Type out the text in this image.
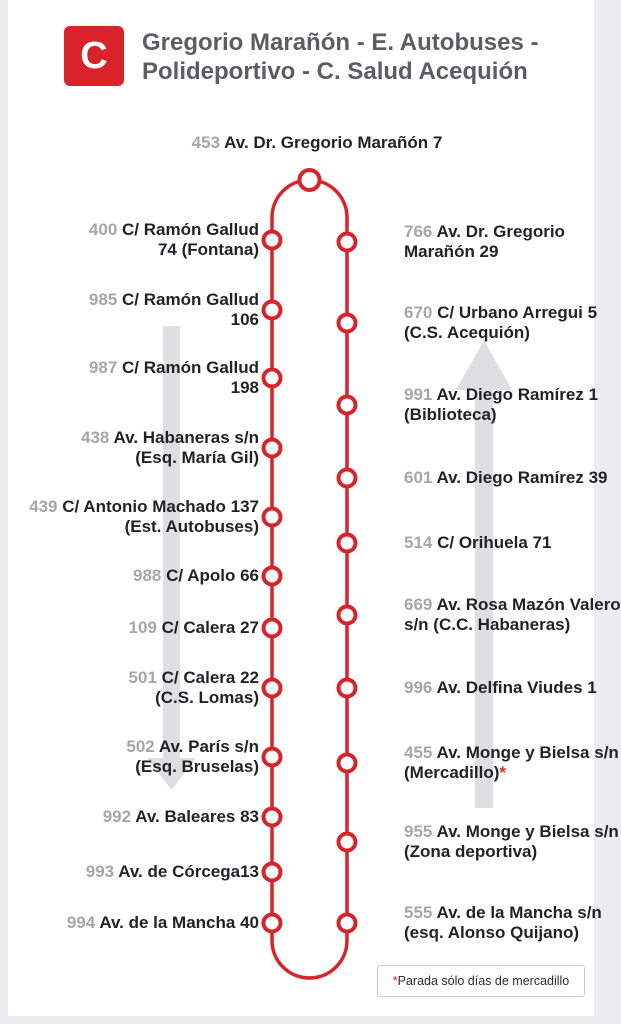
C	Gregorio Marañón - E. Autobuses -
Polideportivo - C. Salud Acequión
453 Av. Dr. Gregorio Marañón 7
400 C/ Ramón Gallud
74 (Fontana)
985 C/ Ramón Gallud
106
987 C/ Ramón Gallud
198
438 Av. Habaneras s/n
(Esq. María Gil)
439 C/ Antonio Machado 137
(Est. Autobuses)
988 C/ Apolo 66
109 C/ Calera 27
501 C/ Calera 22
(C.S. Lomas)
502 Av. París s/n
(Esq. Bruselas)
992 Av. Baleares 83
993 Av. de Córcega13
994 Av. de la Mancha 40
766 Av. Dr. Gregorio
Marañón 29
670 C/ Urbano Arregui 5
(C.S. Acequión)
991 Av. Diego Ramírez 1
(Biblioteca)
601 Av. Diego Ramírez 39
514 C/ Orihuela 71
669 Av. Rosa Mazón Valero
s/n (C.C. Habaneras)
996 Av. Delfina Viudes 1
455 Av. Monge y Bielsa s/n
(Mercadillo)*
955 Av. Monge y Bielsa s/n
(Zona deportiva)
555 Av. de la Mancha s/n
(esq. Alonso Quijano)
* Parada sólo días de mercadillo
